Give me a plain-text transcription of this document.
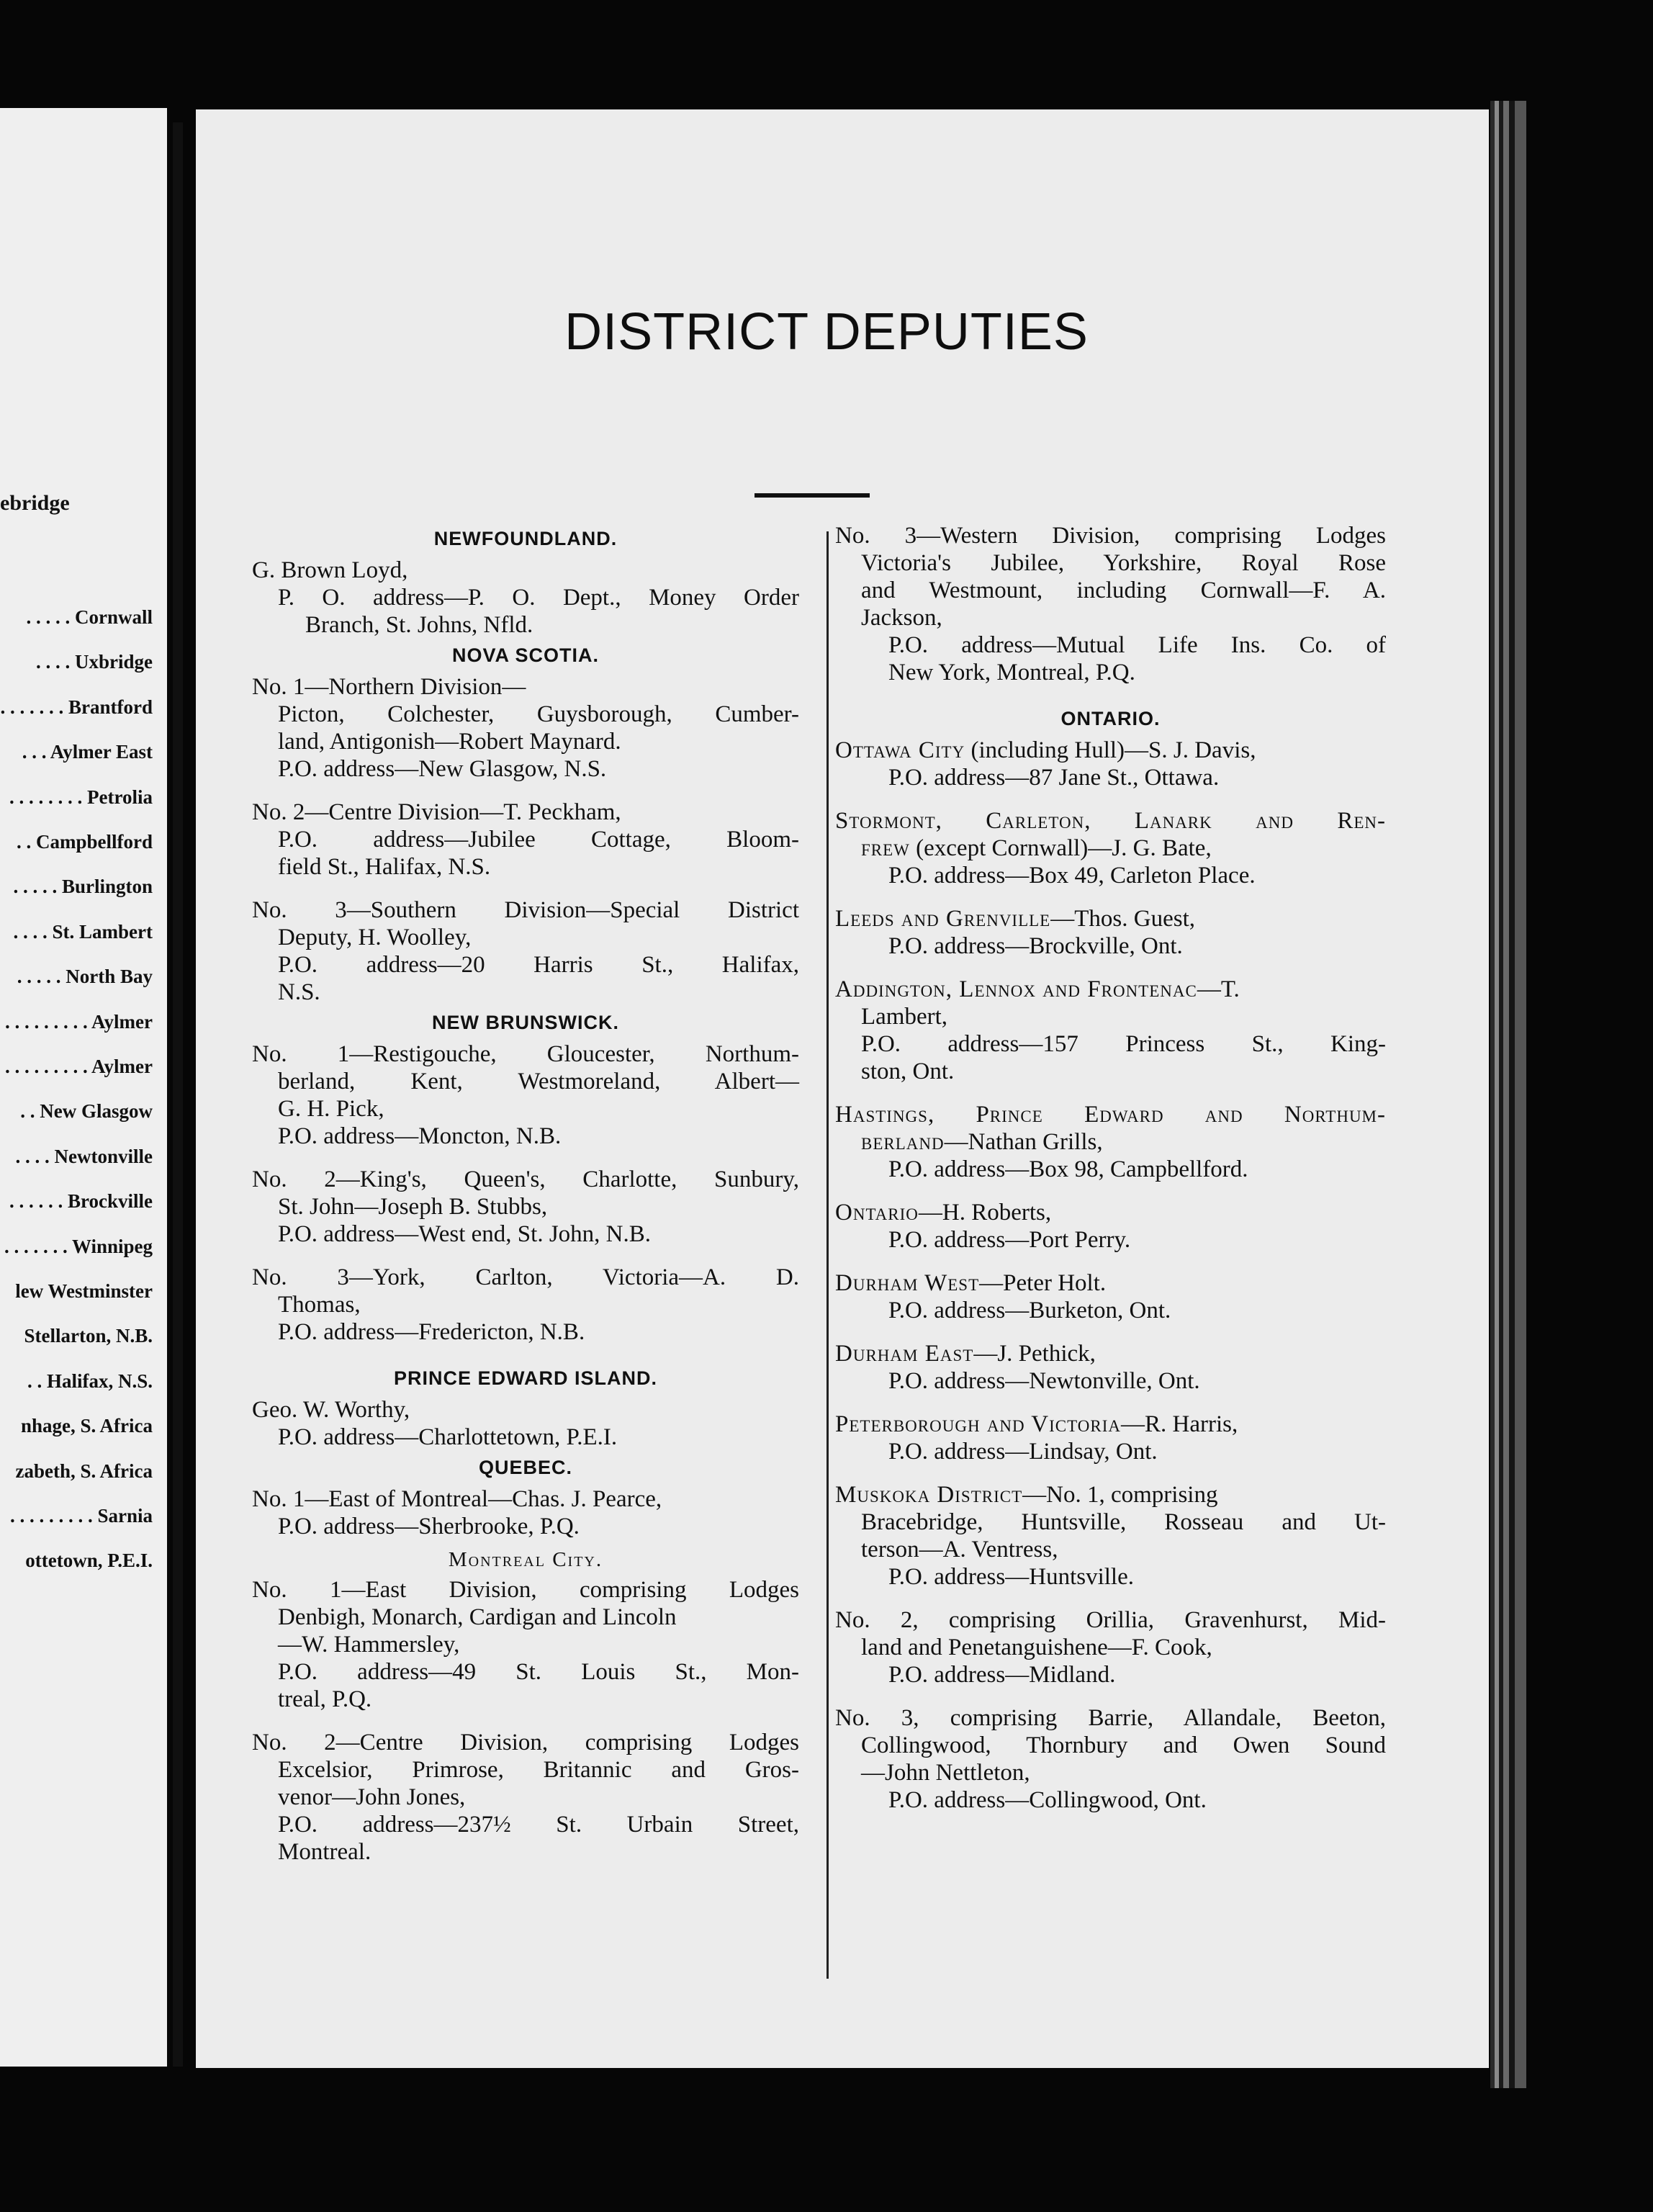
ebridge
. . . . . Cornwall
. . . . Uxbridge
. . . . . . . Brantford
. . . Aylmer East
. . . . . . . . Petrolia
. . Campbellford
. . . . . Burlington
. . . . St. Lambert
. . . . . North Bay
. . . . . . . . . Aylmer
. . . . . . . . . Aylmer
. . New Glasgow
. . . . Newtonville
. . . . . . Brockville
. . . . . . . Winnipeg
lew Westminster
Stellarton, N.B.
. . Halifax, N.S.
nhage, S. Africa
zabeth, S. Africa
. . . . . . . . . Sarnia
ottetown, P.E.I.
DISTRICT DEPUTIES
NEWFOUNDLAND.
G. Brown Loyd,
P. O. address—P. O. Dept., Money Order
Branch, St. Johns, Nfld.
NOVA SCOTIA.
No. 1—Northern Division—
Picton, Colchester, Guysborough, Cumber-
land, Antigonish—Robert Maynard.
P.O. address—New Glasgow, N.S.
No. 2—Centre Division—T. Peckham,
P.O. address—Jubilee Cottage, Bloom-
field St., Halifax, N.S.
No. 3—Southern Division—Special District
Deputy, H. Woolley,
P.O. address—20 Harris St., Halifax,
N.S.
NEW BRUNSWICK.
No. 1—Restigouche, Gloucester, Northum-
berland, Kent, Westmoreland, Albert—
G. H. Pick,
P.O. address—Moncton, N.B.
No. 2—King's, Queen's, Charlotte, Sunbury,
St. John—Joseph B. Stubbs,
P.O. address—West end, St. John, N.B.
No. 3—York, Carlton, Victoria—A. D.
Thomas,
P.O. address—Fredericton, N.B.
PRINCE EDWARD ISLAND.
Geo. W. Worthy,
P.O. address—Charlottetown, P.E.I.
QUEBEC.
No. 1—East of Montreal—Chas. J. Pearce,
P.O. address—Sherbrooke, P.Q.
Montreal City.
No. 1—East Division, comprising Lodges
Denbigh, Monarch, Cardigan and Lincoln
—W. Hammersley,
P.O. address—49 St. Louis St., Mon-
treal, P.Q.
No. 2—Centre Division, comprising Lodges
Excelsior, Primrose, Britannic and Gros-
venor—John Jones,
P.O. address—237½ St. Urbain Street,
Montreal.
No. 3—Western Division, comprising Lodges
Victoria's Jubilee, Yorkshire, Royal Rose
and Westmount, including Cornwall—F. A.
Jackson,
P.O. address—Mutual Life Ins. Co. of
New York, Montreal, P.Q.
ONTARIO.
Ottawa City (including Hull)—S. J. Davis,
P.O. address—87 Jane St., Ottawa.
Stormont, Carleton, Lanark and Ren-
frew (except Cornwall)—J. G. Bate,
P.O. address—Box 49, Carleton Place.
Leeds and Grenville—Thos. Guest,
P.O. address—Brockville, Ont.
Addington, Lennox and Frontenac—T.
Lambert,
P.O. address—157 Princess St., King-
ston, Ont.
Hastings, Prince Edward and Northum-
berland—Nathan Grills,
P.O. address—Box 98, Campbellford.
Ontario—H. Roberts,
P.O. address—Port Perry.
Durham West—Peter Holt.
P.O. address—Burketon, Ont.
Durham East—J. Pethick,
P.O. address—Newtonville, Ont.
Peterborough and Victoria—R. Harris,
P.O. address—Lindsay, Ont.
Muskoka District—No. 1, comprising
Bracebridge, Huntsville, Rosseau and Ut-
terson—A. Ventress,
P.O. address—Huntsville.
No. 2, comprising Orillia, Gravenhurst, Mid-
land and Penetanguishene—F. Cook,
P.O. address—Midland.
No. 3, comprising Barrie, Allandale, Beeton,
Collingwood, Thornbury and Owen Sound
—John Nettleton,
P.O. address—Collingwood, Ont.
